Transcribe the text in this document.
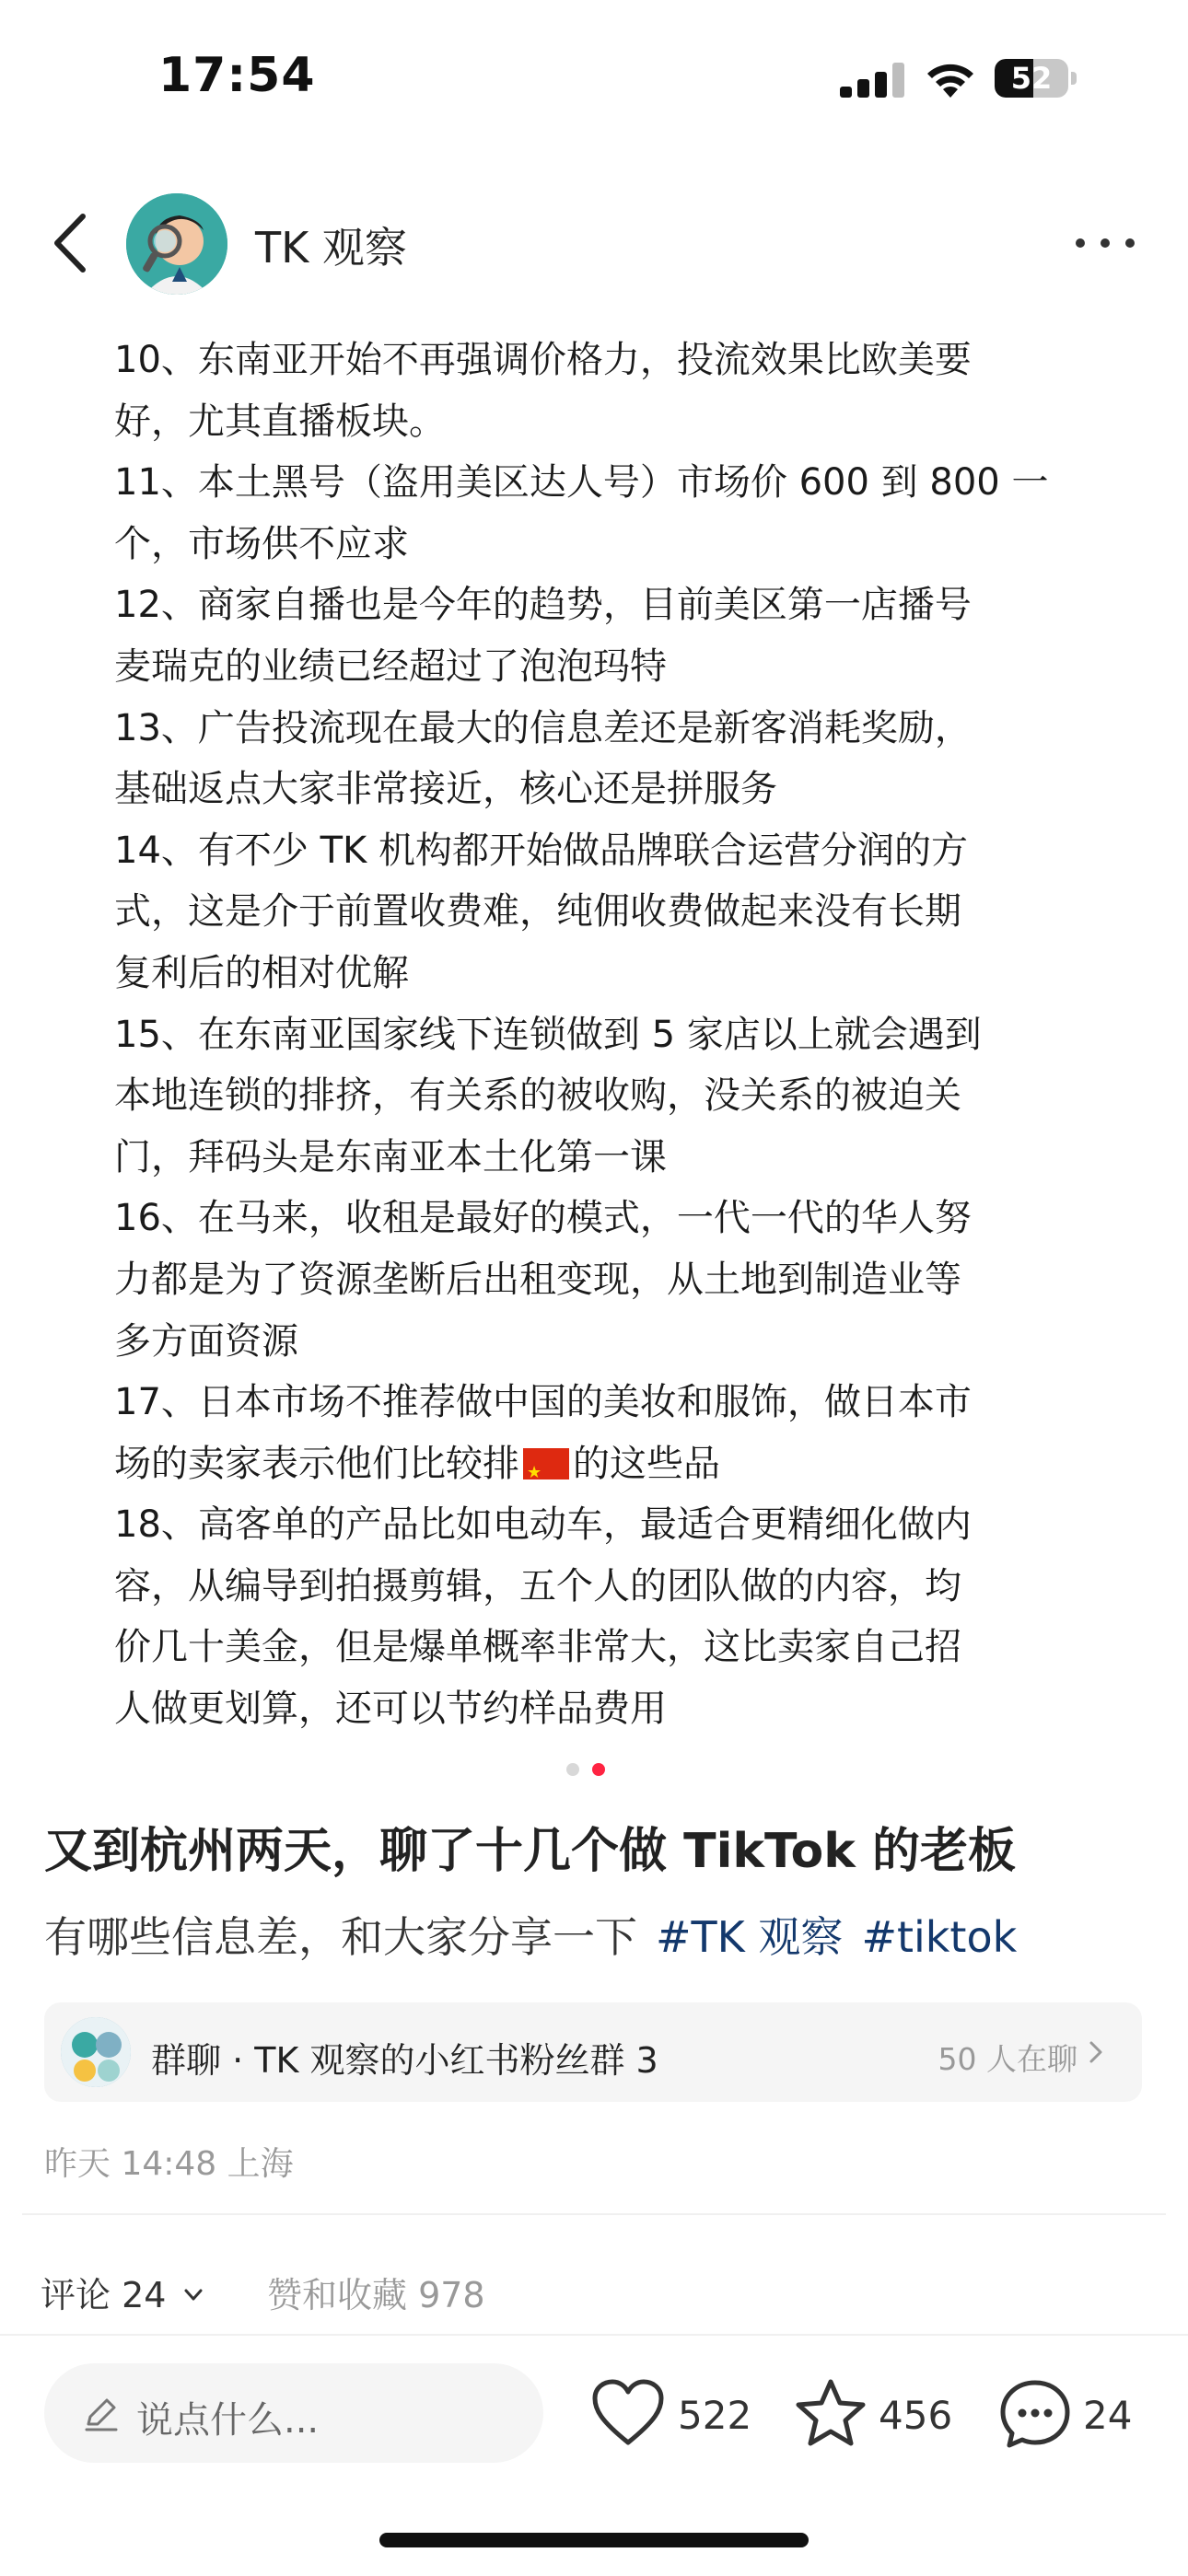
17:54	52
TK 观察
10、东南亚开始不再强调价格力，投流效果比欧美要
好，尤其直播板块。
11、本土黑号（盗用美区达人号）市场价 600 到 800 一
个，市场供不应求
12、商家自播也是今年的趋势，目前美区第一店播号
麦瑞克的业绩已经超过了泡泡玛特
13、广告投流现在最大的信息差还是新客消耗奖励，
基础返点大家非常接近，核心还是拼服务
14、有不少 TK 机构都开始做品牌联合运营分润的方
式，这是介于前置收费难，纯佣收费做起来没有长期
复利后的相对优解
15、在东南亚国家线下连锁做到 5 家店以上就会遇到
本地连锁的排挤，有关系的被收购，没关系的被迫关
门，拜码头是东南亚本土化第一课
16、在马来，收租是最好的模式，一代一代的华人努
力都是为了资源垄断后出租变现，从土地到制造业等
多方面资源
17、日本市场不推荐做中国的美妆和服饰，做日本市
场的卖家表示他们比较排★ 的这些品
18、高客单的产品比如电动车，最适合更精细化做内
容，从编导到拍摄剪辑，五个人的团队做的内容，均
价几十美金，但是爆单概率非常大，这比卖家自己招
人做更划算，还可以节约样品费用
又到杭州两天，聊了十几个做 TikTok 的老板
有哪些信息差，和大家分享一下 #TK 观察 #tiktok
群聊 · TK 观察的小红书粉丝群 3	50 人在聊
昨天 14:48 上海
评论 24	赞和收藏 978
说点什么...	522	456	24
